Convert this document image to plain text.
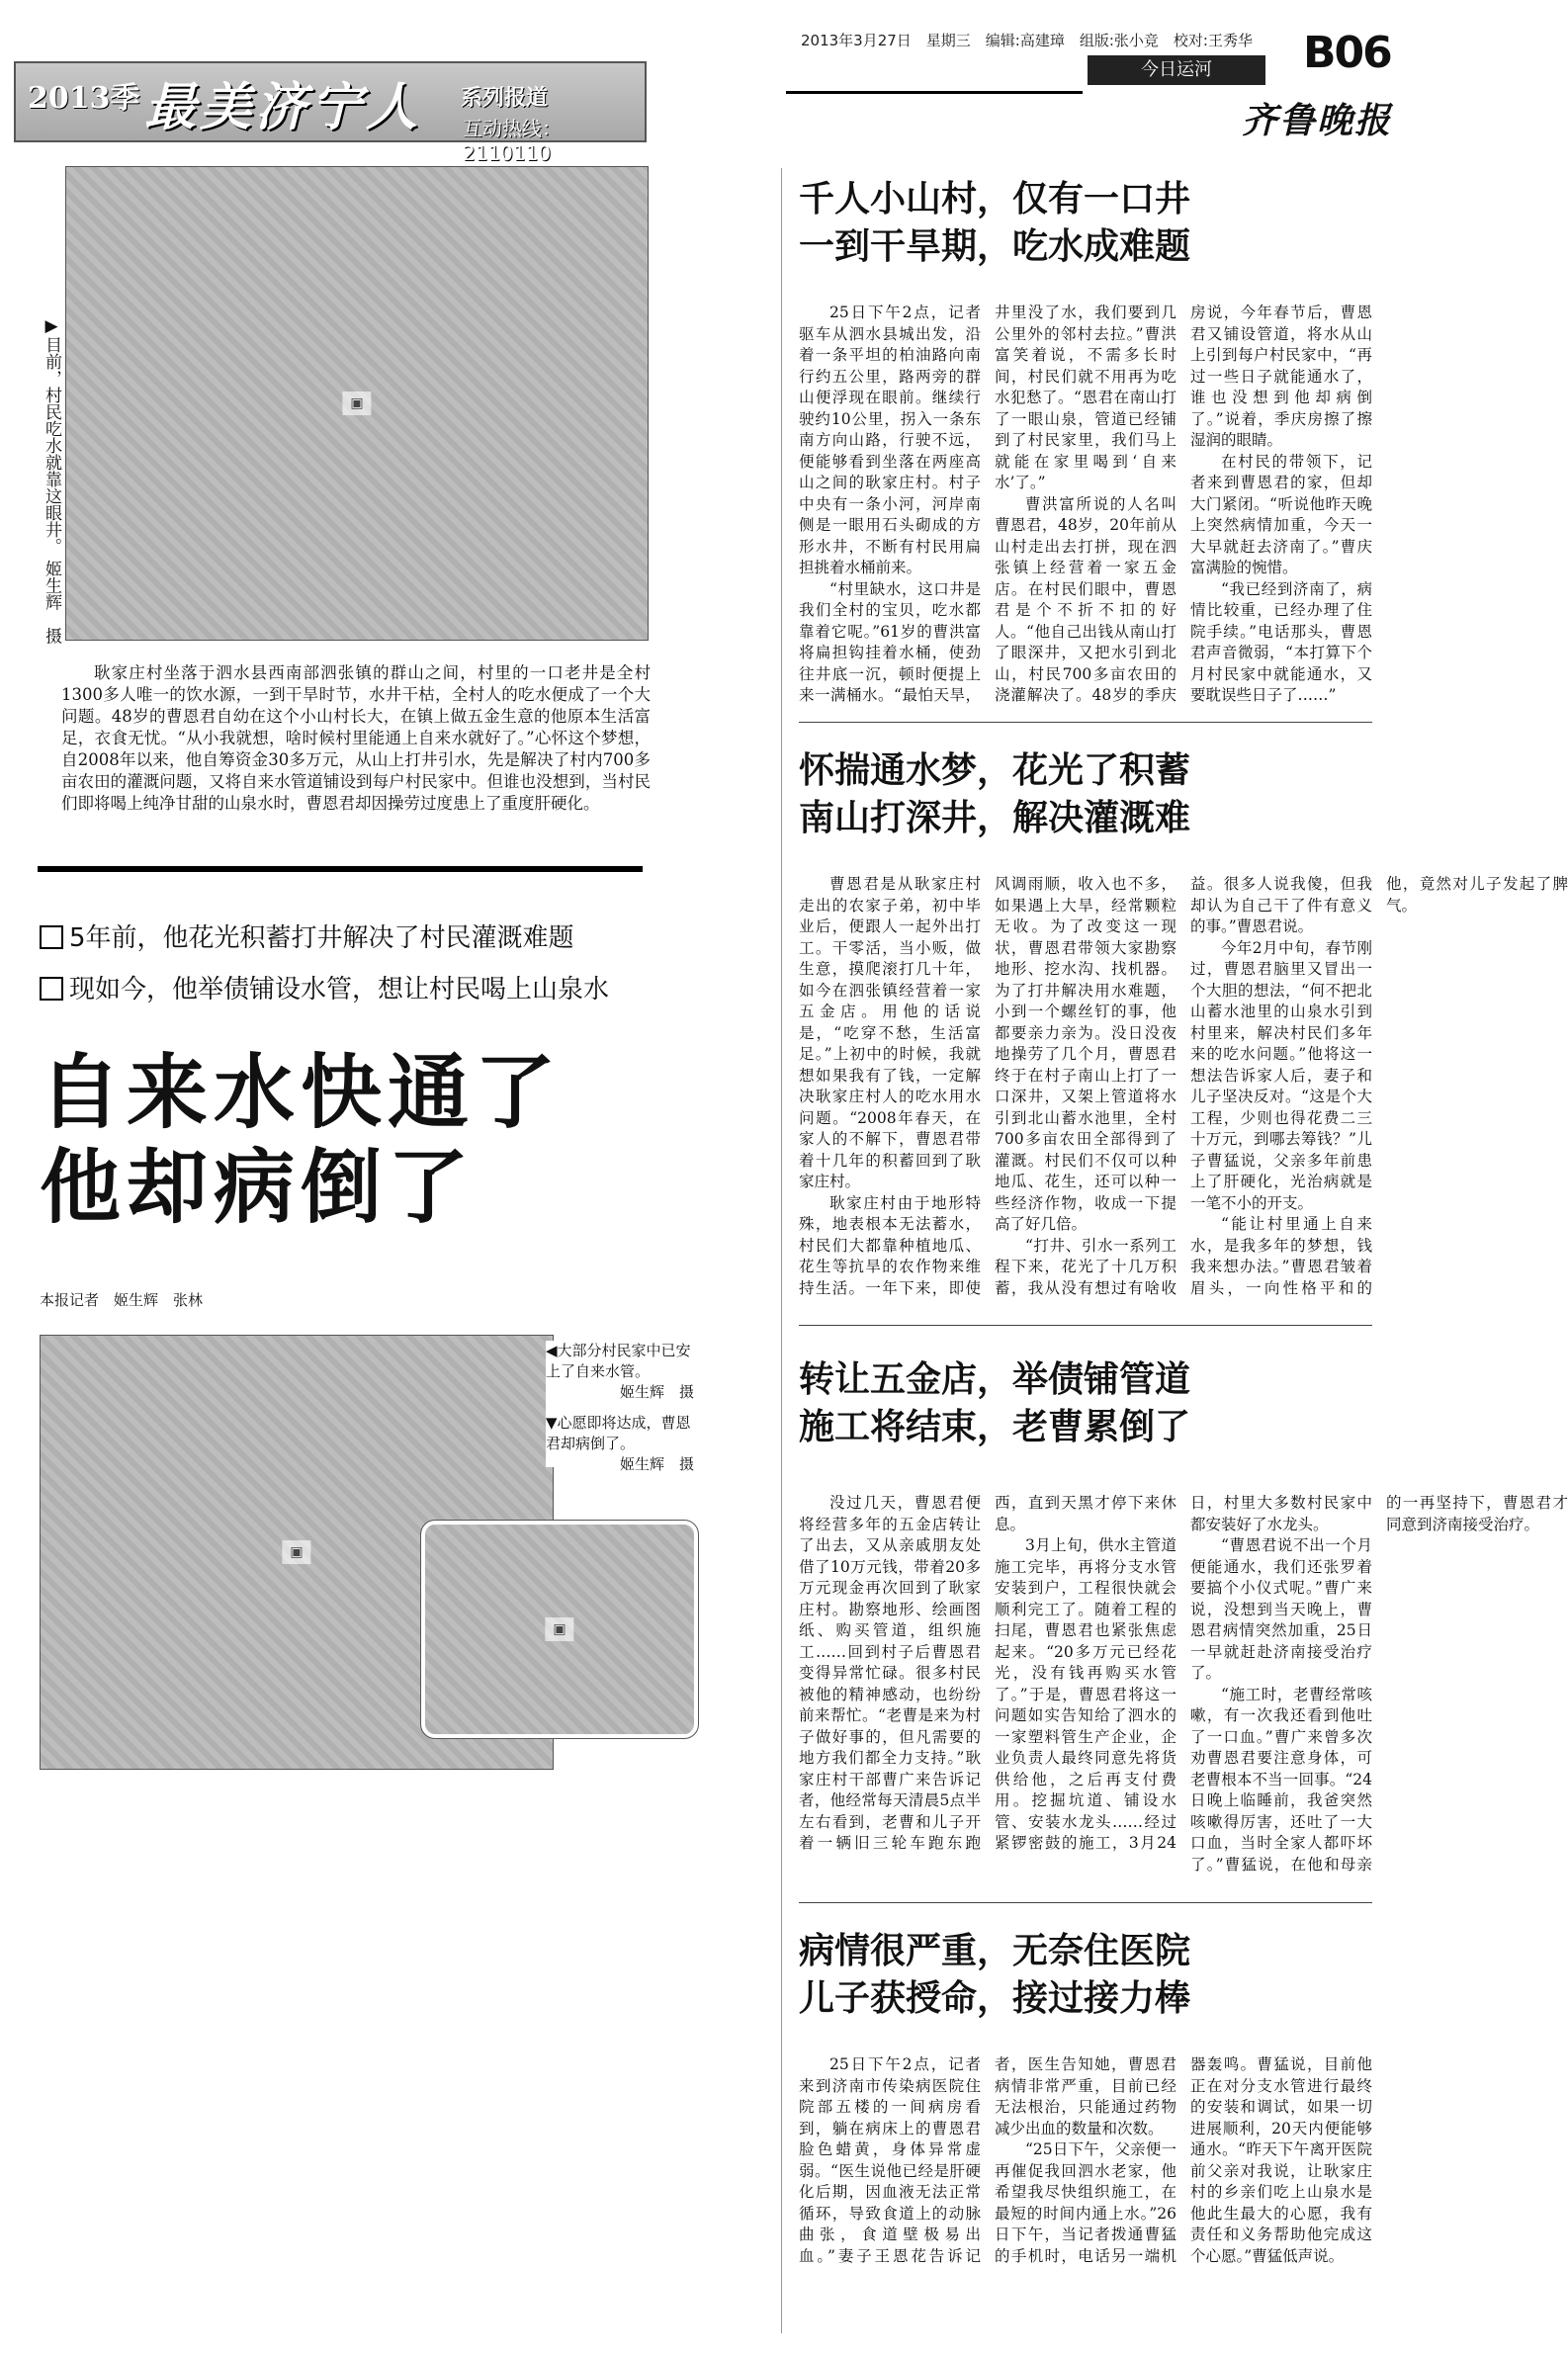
2013季 最美济宁人 系列报道
互动热线：2110110
2013年3月27日　星期三　编辑:高建璋　组版:张小竞　校对:王秀华
今日运河	B06
齐鲁晚报
▣
▶目前，村民吃水就靠这眼井。 姬生辉　摄
耿家庄村坐落于泗水县西南部泗张镇的群山之间，村里的一口老井是全村1300多人唯一的饮水源，一到干旱时节，水井干枯，全村人的吃水便成了一个大问题。48岁的曹恩君自幼在这个小山村长大，在镇上做五金生意的他原本生活富足，衣食无忧。“从小我就想，啥时候村里能通上自来水就好了。”心怀这个梦想，自2008年以来，他自筹资金30多万元，从山上打井引水，先是解决了村内700多亩农田的灌溉问题，又将自来水管道铺设到每户村民家中。但谁也没想到，当村民们即将喝上纯净甘甜的山泉水时，曹恩君却因操劳过度患上了重度肝硬化。
5年前，他花光积蓄打井解决了村民灌溉难题
现如今，他举债铺设水管，想让村民喝上山泉水
自来水快通了
他却病倒了
本报记者　姬生辉　张林
▣
◀大部分村民家中已安上了自来水管。
姬生辉　摄
▼心愿即将达成，曹恩君却病倒了。
姬生辉　摄
▣
千人小山村，仅有一口井
一到干旱期，吃水成难题

25日下午2点，记者驱车从泗水县城出发，沿着一条平坦的柏油路向南行约五公里，路两旁的群山便浮现在眼前。继续行驶约10公里，拐入一条东南方向山路，行驶不远，便能够看到坐落在两座高山之间的耿家庄村。村子中央有一条小河，河岸南侧是一眼用石头砌成的方形水井，不断有村民用扁担挑着水桶前来。

“村里缺水，这口井是我们全村的宝贝，吃水都靠着它呢。”61岁的曹洪富将扁担钩挂着水桶，使劲往井底一沉，顿时便提上来一满桶水。“最怕天旱，井里没了水，我们要到几公里外的邻村去拉。”曹洪富笑着说，不需多长时间，村民们就不用再为吃水犯愁了。“恩君在南山打了一眼山泉，管道已经铺到了村民家里，我们马上就能在家里喝到‘自来水’了。”

曹洪富所说的人名叫曹恩君，48岁，20年前从山村走出去打拼，现在泗张镇上经营着一家五金店。在村民们眼中，曹恩君是个不折不扣的好人。“他自己出钱从南山打了眼深井，又把水引到北山，村民700多亩农田的浇灌解决了。48岁的季庆房说，今年春节后，曹恩君又铺设管道，将水从山上引到每户村民家中，“再过一些日子就能通水了，谁也没想到他却病倒了。”说着，季庆房擦了擦湿润的眼睛。

在村民的带领下，记者来到曹恩君的家，但却大门紧闭。“听说他昨天晚上突然病情加重，今天一大早就赶去济南了。”曹庆富满脸的惋惜。

“我已经到济南了，病情比较重，已经办理了住院手续。”电话那头，曹恩君声音微弱，“本打算下个月村民家中就能通水，又要耽误些日子了……”

怀揣通水梦，花光了积蓄
南山打深井，解决灌溉难

曹恩君是从耿家庄村走出的农家子弟，初中毕业后，便跟人一起外出打工。干零活，当小贩，做生意，摸爬滚打几十年，如今在泗张镇经营着一家五金店。用他的话说是，“吃穿不愁，生活富足。”上初中的时候，我就想如果我有了钱，一定解决耿家庄村人的吃水用水问题。“2008年春天，在家人的不解下，曹恩君带着十几年的积蓄回到了耿家庄村。

耿家庄村由于地形特殊，地表根本无法蓄水，村民们大都靠种植地瓜、花生等抗旱的农作物来维持生活。一年下来，即使风调雨顺，收入也不多，如果遇上大旱，经常颗粒无收。为了改变这一现状，曹恩君带领大家勘察地形、挖水沟、找机器。为了打井解决用水难题，小到一个螺丝钉的事，他都要亲力亲为。没日没夜地操劳了几个月，曹恩君终于在村子南山上打了一口深井，又架上管道将水引到北山蓄水池里，全村700多亩农田全部得到了灌溉。村民们不仅可以种地瓜、花生，还可以种一些经济作物，收成一下提高了好几倍。

“打井、引水一系列工程下来，花光了十几万积蓄，我从没有想过有啥收益。很多人说我傻，但我却认为自己干了件有意义的事。”曹恩君说。

今年2月中旬，春节刚过，曹恩君脑里又冒出一个大胆的想法，“何不把北山蓄水池里的山泉水引到村里来，解决村民们多年来的吃水问题。”他将这一想法告诉家人后，妻子和儿子坚决反对。“这是个大工程，少则也得花费二三十万元，到哪去筹钱？”儿子曹猛说，父亲多年前患上了肝硬化，光治病就是一笔不小的开支。

“能让村里通上自来水，是我多年的梦想，钱我来想办法。”曹恩君皱着眉头，一向性格平和的他，竟然对儿子发起了脾气。

转让五金店，举债铺管道
施工将结束，老曹累倒了

没过几天，曹恩君便将经营多年的五金店转让了出去，又从亲戚朋友处借了10万元钱，带着20多万元现金再次回到了耿家庄村。勘察地形、绘画图纸、购买管道，组织施工……回到村子后曹恩君变得异常忙碌。很多村民被他的精神感动，也纷纷前来帮忙。“老曹是来为村子做好事的，但凡需要的地方我们都全力支持。”耿家庄村干部曹广来告诉记者，他经常每天清晨5点半左右看到，老曹和儿子开着一辆旧三轮车跑东跑西，直到天黑才停下来休息。

3月上旬，供水主管道施工完毕，再将分支水管安装到户，工程很快就会顺利完工了。随着工程的扫尾，曹恩君也紧张焦虑起来。“20多万元已经花光，没有钱再购买水管了。”于是，曹恩君将这一问题如实告知给了泗水的一家塑料管生产企业，企业负责人最终同意先将货供给他，之后再支付费用。挖掘坑道、铺设水管、安装水龙头……经过紧锣密鼓的施工，3月24日，村里大多数村民家中都安装好了水龙头。

“曹恩君说不出一个月便能通水，我们还张罗着要搞个小仪式呢。”曹广来说，没想到当天晚上，曹恩君病情突然加重，25日一早就赶赴济南接受治疗了。

“施工时，老曹经常咳嗽，有一次我还看到他吐了一口血。”曹广来曾多次劝曹恩君要注意身体，可老曹根本不当一回事。“24日晚上临睡前，我爸突然咳嗽得厉害，还吐了一大口血，当时全家人都吓坏了。”曹猛说，在他和母亲的一再坚持下，曹恩君才同意到济南接受治疗。

病情很严重，无奈住医院
儿子获授命，接过接力棒

25日下午2点，记者来到济南市传染病医院住院部五楼的一间病房看到，躺在病床上的曹恩君脸色蜡黄，身体异常虚弱。“医生说他已经是肝硬化后期，因血液无法正常循环，导致食道上的动脉曲张，食道壁极易出血。”妻子王恩花告诉记者，医生告知她，曹恩君病情非常严重，目前已经无法根治，只能通过药物减少出血的数量和次数。

“25日下午，父亲便一再催促我回泗水老家，他希望我尽快组织施工，在最短的时间内通上水。”26日下午，当记者拨通曹猛的手机时，电话另一端机器轰鸣。曹猛说，目前他正在对分支水管进行最终的安装和调试，如果一切进展顺利，20天内便能够通水。“昨天下午离开医院前父亲对我说，让耿家庄村的乡亲们吃上山泉水是他此生最大的心愿，我有责任和义务帮助他完成这个心愿。”曹猛低声说。
